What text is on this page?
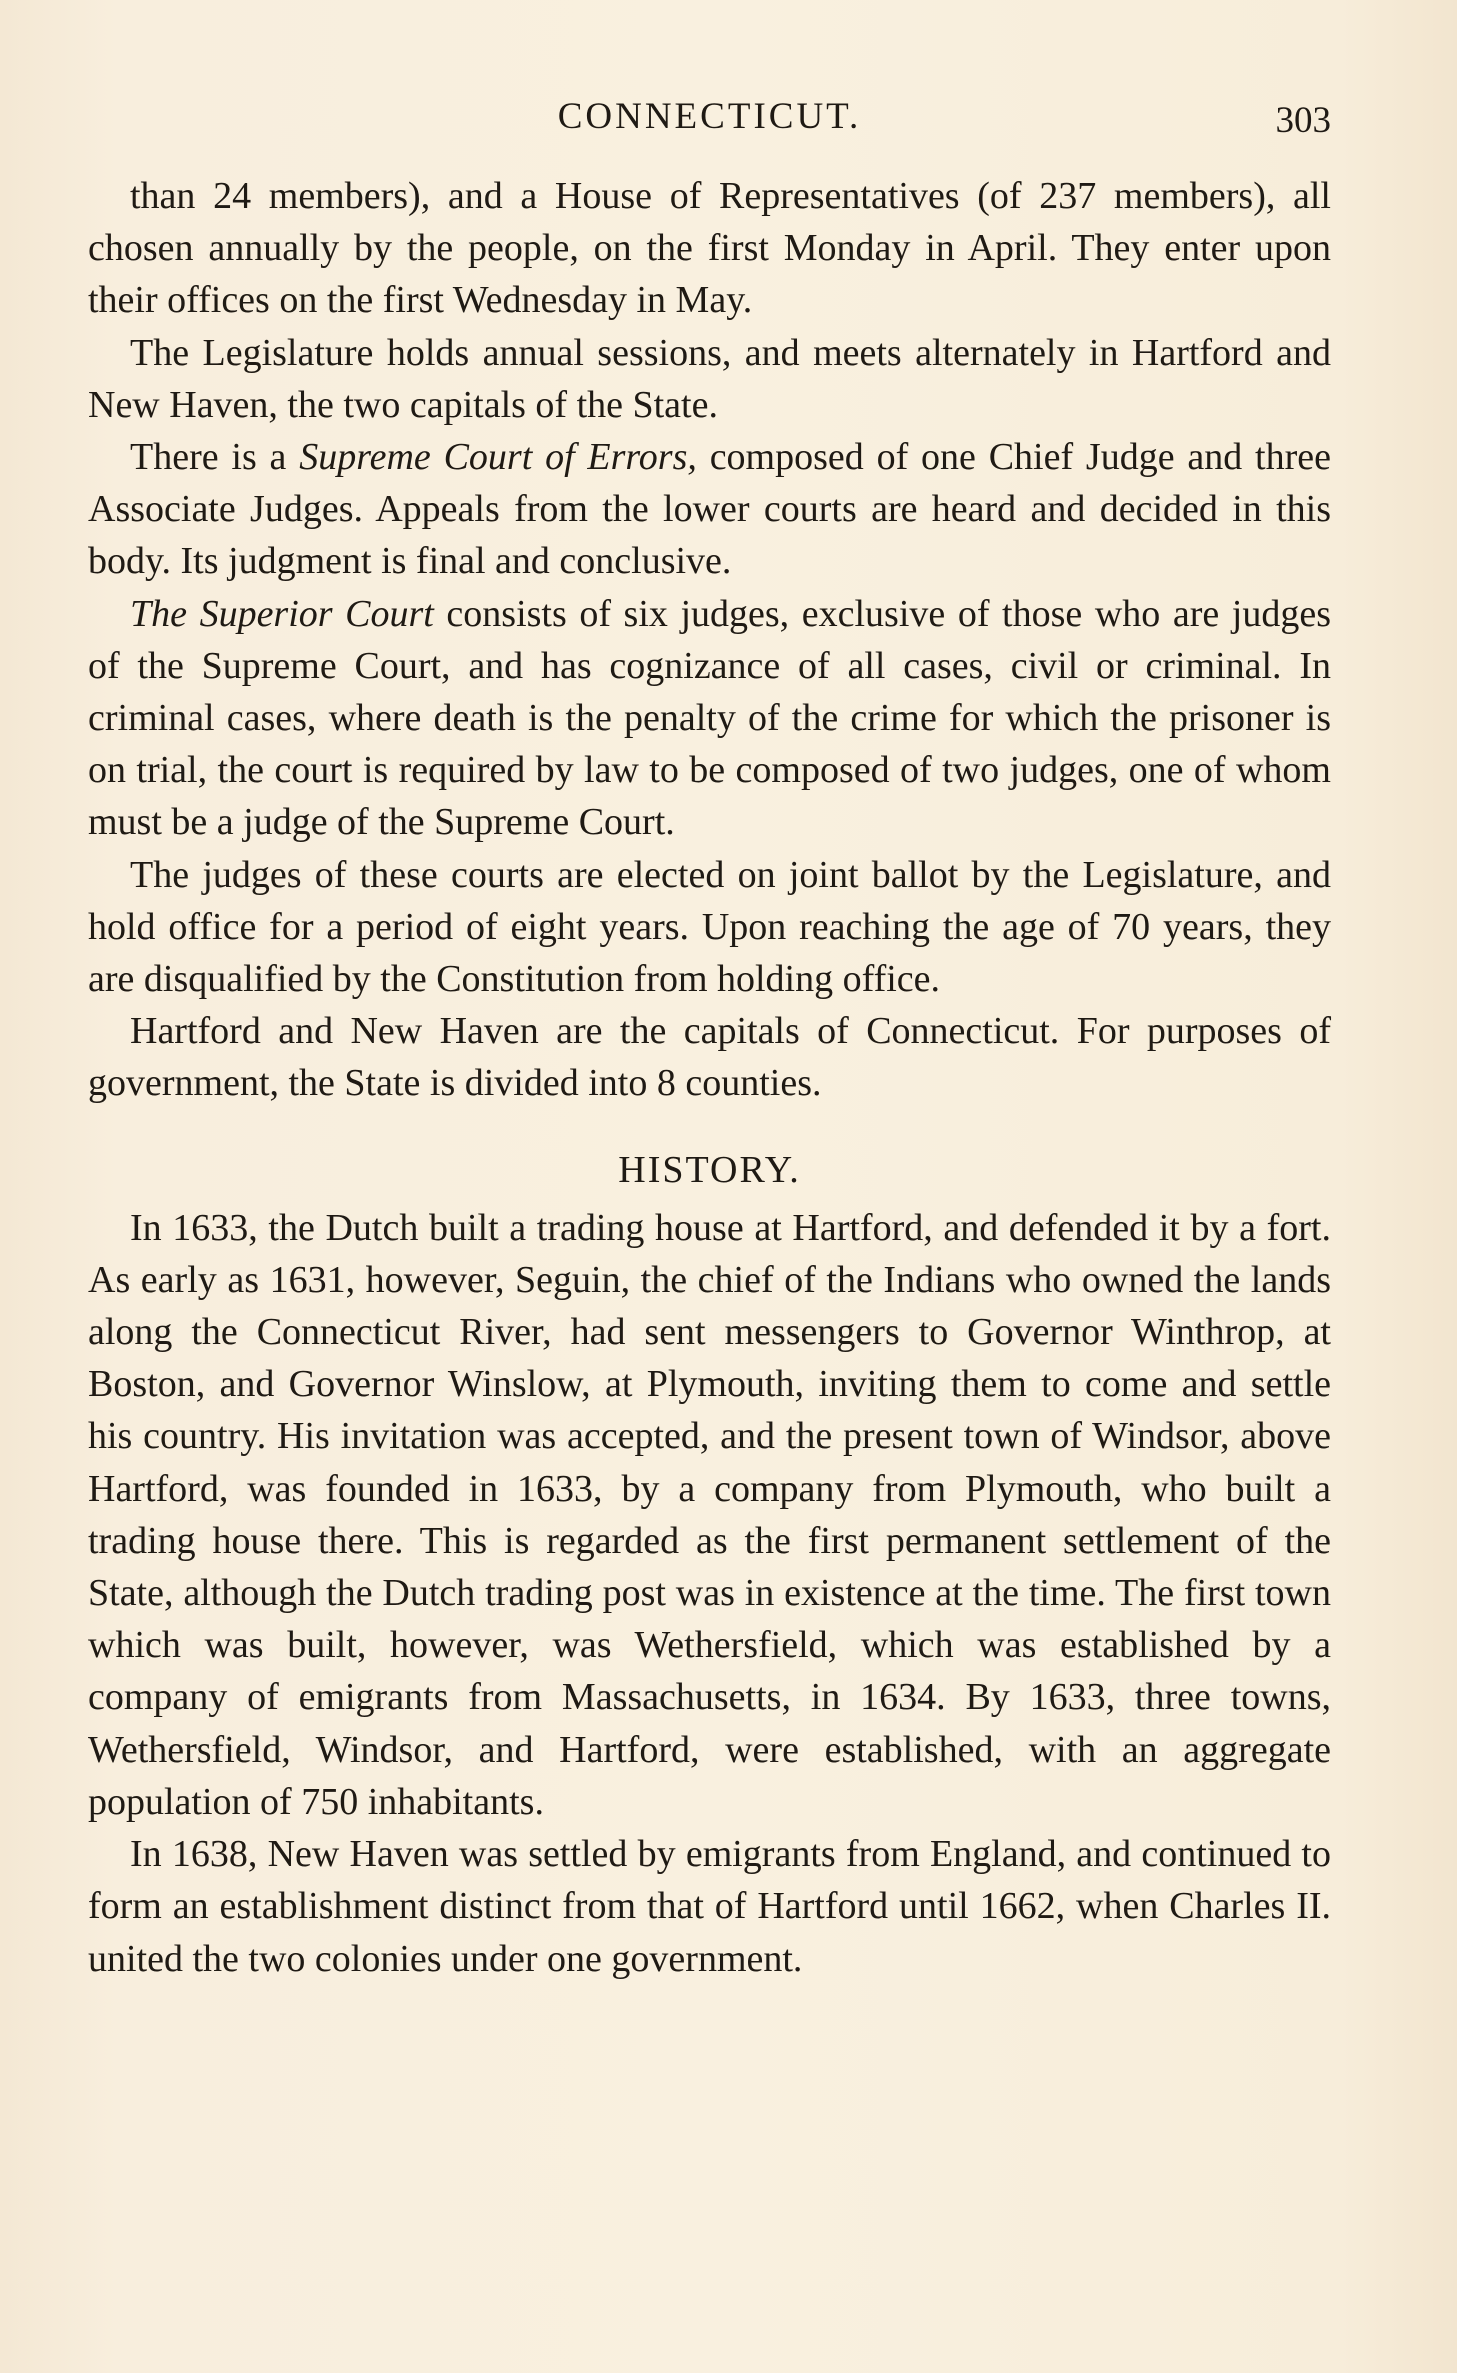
CONNECTICUT.	303

than 24 members), and a House of Representatives (of 237 members), all chosen annually by the people, on the first Monday in April. They enter upon their offices on the first Wednesday in May.

The Legislature holds annual sessions, and meets alternately in Hartford and New Haven, the two capitals of the State.

There is a Supreme Court of Errors, composed of one Chief Judge and three Associate Judges. Appeals from the lower courts are heard and decided in this body. Its judgment is final and conclusive.

The Superior Court consists of six judges, exclusive of those who are judges of the Supreme Court, and has cognizance of all cases, civil or criminal. In criminal cases, where death is the penalty of the crime for which the prisoner is on trial, the court is required by law to be composed of two judges, one of whom must be a judge of the Supreme Court.

The judges of these courts are elected on joint ballot by the Legislature, and hold office for a period of eight years. Upon reaching the age of 70 years, they are disqualified by the Constitution from holding office.

Hartford and New Haven are the capitals of Connecticut. For purposes of government, the State is divided into 8 counties.

HISTORY.

In 1633, the Dutch built a trading house at Hartford, and defended it by a fort. As early as 1631, however, Seguin, the chief of the Indians who owned the lands along the Connecticut River, had sent messengers to Governor Winthrop, at Boston, and Governor Winslow, at Plymouth, inviting them to come and settle his country. His invitation was accepted, and the present town of Windsor, above Hartford, was founded in 1633, by a company from Plymouth, who built a trading house there. This is regarded as the first permanent settlement of the State, although the Dutch trading post was in existence at the time. The first town which was built, however, was Wethersfield, which was established by a company of emigrants from Massachusetts, in 1634. By 1633, three towns, Wethersfield, Windsor, and Hartford, were established, with an aggregate population of 750 inhabitants.

In 1638, New Haven was settled by emigrants from England, and continued to form an establishment distinct from that of Hartford until 1662, when Charles II. united the two colonies under one government.
